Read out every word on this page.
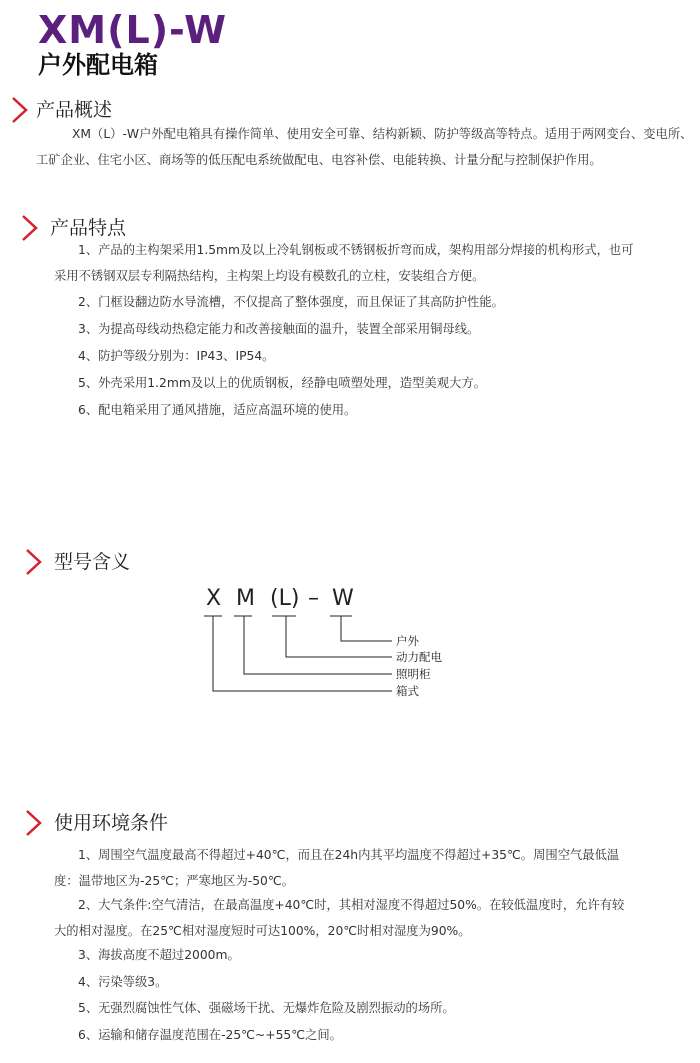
XM(L)-W
户外配电箱
产品概述

XM（L）-W户外配电箱具有操作简单、使用安全可靠、结构新颖、防护等级高等特点。适用于两网变台、变电所、工矿企业、住宅小区、商场等的低压配电系统做配电、电容补偿、电能转换、计量分配与控制保护作用。

产品特点

1、产品的主构架采用1.5mm及以上冷轧钢板或不锈钢板折弯而成，架构用部分焊接的机构形式，也可采用不锈钢双层专利隔热结构，主构架上均设有模数孔的立柱，安装组合方便。

2、门框设翻边防水导流槽，不仅提高了整体强度，而且保证了其高防护性能。

3、为提高母线动热稳定能力和改善接触面的温升，装置全部采用铜母线。

4、防护等级分别为：IP43、IP54。

5、外壳采用1.2mm及以上的优质钢板，经静电喷塑处理，造型美观大方。

6、配电箱采用了通风措施，适应高温环境的使用。

型号含义
X M (L) – W
户外
动力配电
照明柜
箱式
使用环境条件

1、周围空气温度最高不得超过+40℃，而且在24h内其平均温度不得超过+35℃。周围空气最低温度：温带地区为-25℃；严寒地区为-50℃。

2、大气条件:空气清洁，在最高温度+40℃时，其相对湿度不得超过50%。在较低温度时，允许有较大的相对湿度。在25℃相对湿度短时可达100%，20℃时相对湿度为90%。

3、海拔高度不超过2000m。

4、污染等级3。

5、无强烈腐蚀性气体、强磁场干扰、无爆炸危险及剧烈振动的场所。

6、运输和储存温度范围在-25℃~+55℃之间。
